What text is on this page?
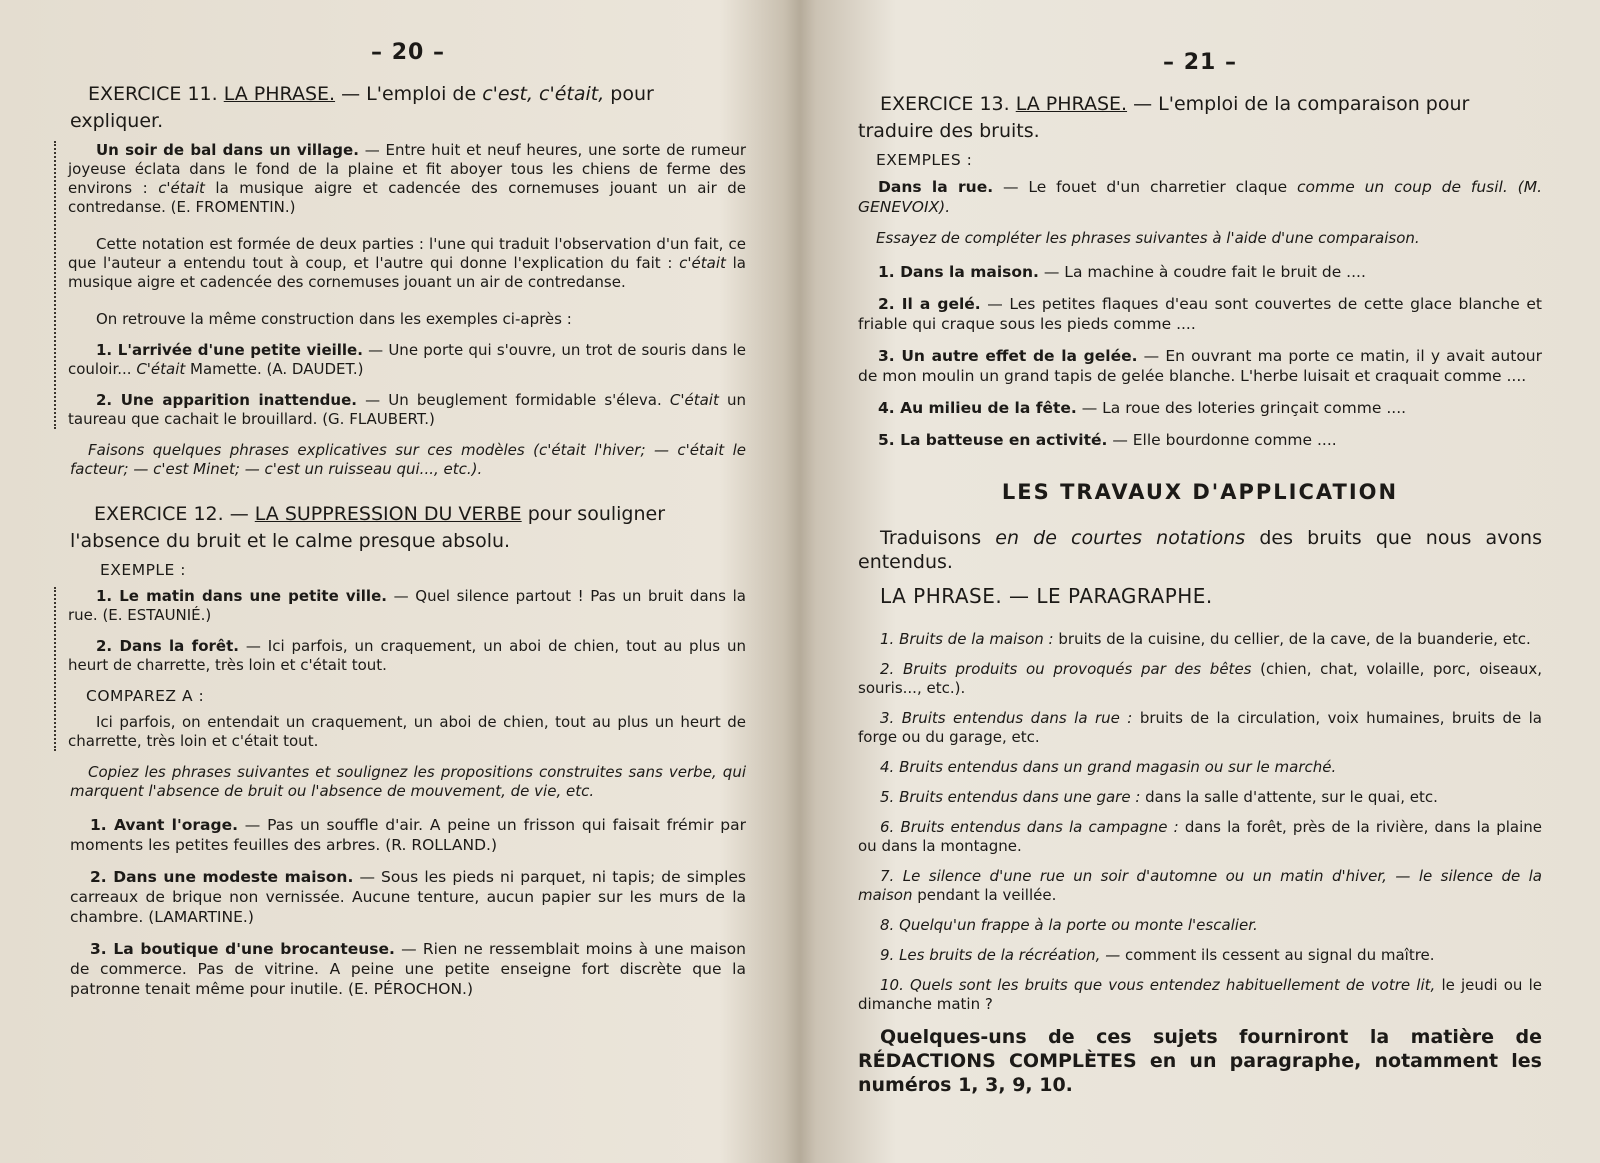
– 20 –

EXERCICE 11. LA PHRASE. — L'emploi de c'est, c'était, pour expliquer.

Un soir de bal dans un village. — Entre huit et neuf heures, une sorte de rumeur joyeuse éclata dans le fond de la plaine et fit aboyer tous les chiens de ferme des environs : c'était la musique aigre et cadencée des cornemuses jouant un air de contredanse. (E. FROMENTIN.)

Cette notation est formée de deux parties : l'une qui traduit l'observation d'un fait, ce que l'auteur a entendu tout à coup, et l'autre qui donne l'explication du fait : c'était la musique aigre et cadencée des cornemuses jouant un air de contredanse.

On retrouve la même construction dans les exemples ci-après :

1. L'arrivée d'une petite vieille. — Une porte qui s'ouvre, un trot de souris dans le couloir... C'était Mamette. (A. DAUDET.)

2. Une apparition inattendue. — Un beuglement formidable s'éleva. C'était un taureau que cachait le brouillard. (G. FLAUBERT.)

Faisons quelques phrases explicatives sur ces modèles (c'était l'hiver; — c'était le facteur; — c'est Minet; — c'est un ruisseau qui..., etc.).

EXERCICE 12. — LA SUPPRESSION DU VERBE pour souligner l'absence du bruit et le calme presque absolu.

EXEMPLE :

1. Le matin dans une petite ville. — Quel silence partout ! Pas un bruit dans la rue. (E. ESTAUNIÉ.)

2. Dans la forêt. — Ici parfois, un craquement, un aboi de chien, tout au plus un heurt de charrette, très loin et c'était tout.

COMPAREZ A :

Ici parfois, on entendait un craquement, un aboi de chien, tout au plus un heurt de charrette, très loin et c'était tout.

Copiez les phrases suivantes et soulignez les propositions construites sans verbe, qui marquent l'absence de bruit ou l'absence de mouvement, de vie, etc.

1. Avant l'orage. — Pas un souffle d'air. A peine un frisson qui faisait frémir par moments les petites feuilles des arbres. (R. ROLLAND.)

2. Dans une modeste maison. — Sous les pieds ni parquet, ni tapis; de simples carreaux de brique non vernissée. Aucune tenture, aucun papier sur les murs de la chambre. (LAMARTINE.)

3. La boutique d'une brocanteuse. — Rien ne ressemblait moins à une maison de commerce. Pas de vitrine. A peine une petite enseigne fort discrète que la patronne tenait même pour inutile. (E. PÉROCHON.)

– 21 –

EXERCICE 13. LA PHRASE. — L'emploi de la comparaison pour traduire des bruits.

EXEMPLES :

Dans la rue. — Le fouet d'un charretier claque comme un coup de fusil. (M. GENEVOIX).

Essayez de compléter les phrases suivantes à l'aide d'une comparaison.

1. Dans la maison. — La machine à coudre fait le bruit de ....

2. Il a gelé. — Les petites flaques d'eau sont couvertes de cette glace blanche et friable qui craque sous les pieds comme ....

3. Un autre effet de la gelée. — En ouvrant ma porte ce matin, il y avait autour de mon moulin un grand tapis de gelée blanche. L'herbe luisait et craquait comme ....

4. Au milieu de la fête. — La roue des loteries grinçait comme ....

5. La batteuse en activité. — Elle bourdonne comme ....

LES TRAVAUX D'APPLICATION

Traduisons en de courtes notations des bruits que nous avons entendus.

LA PHRASE. — LE PARAGRAPHE.

1. Bruits de la maison : bruits de la cuisine, du cellier, de la cave, de la buanderie, etc.

2. Bruits produits ou provoqués par des bêtes (chien, chat, volaille, porc, oiseaux, souris..., etc.).

3. Bruits entendus dans la rue : bruits de la circulation, voix humaines, bruits de la forge ou du garage, etc.

4. Bruits entendus dans un grand magasin ou sur le marché.

5. Bruits entendus dans une gare : dans la salle d'attente, sur le quai, etc.

6. Bruits entendus dans la campagne : dans la forêt, près de la rivière, dans la plaine ou dans la montagne.

7. Le silence d'une rue un soir d'automne ou un matin d'hiver, — le silence de la maison pendant la veillée.

8. Quelqu'un frappe à la porte ou monte l'escalier.

9. Les bruits de la récréation, — comment ils cessent au signal du maître.

10. Quels sont les bruits que vous entendez habituellement de votre lit, le jeudi ou le dimanche matin ?

Quelques-uns de ces sujets fourniront la matière de RÉDACTIONS COMPLÈTES en un paragraphe, notamment les numéros 1, 3, 9, 10.
